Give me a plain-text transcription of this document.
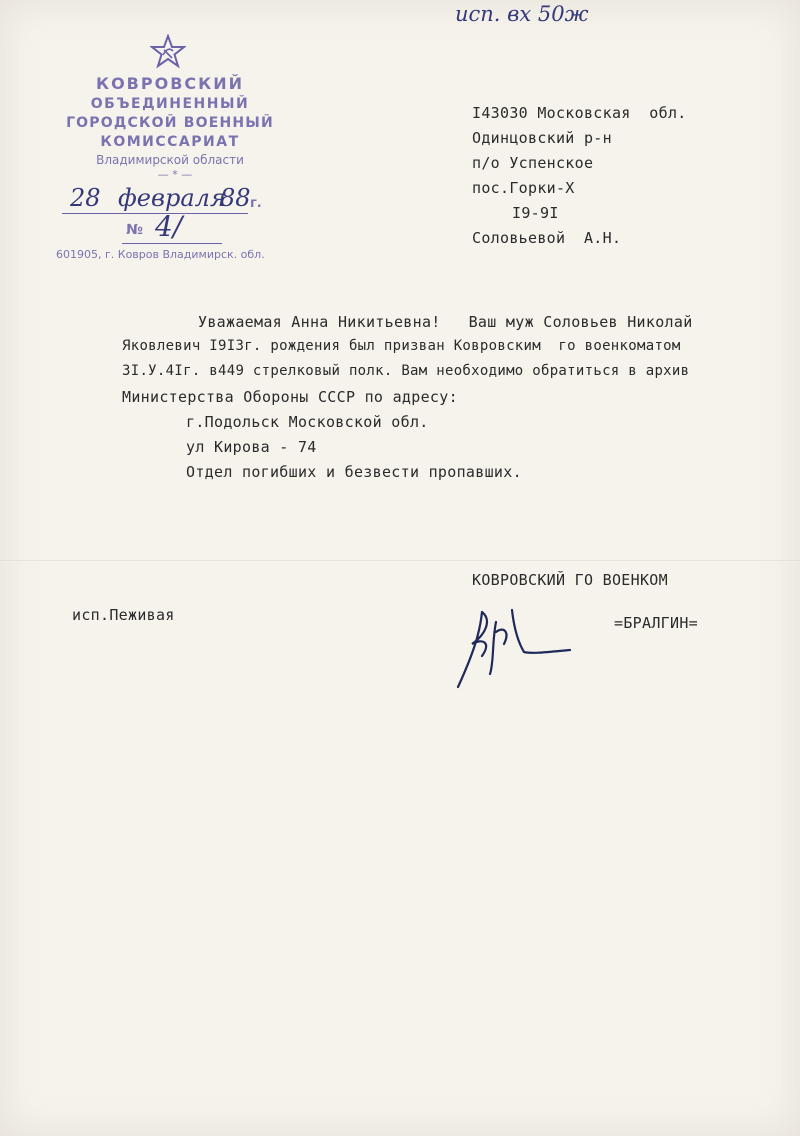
исп. вх 50ж
КОВРОВСКИЙ
ОБЪЕДИНЕННЫЙ
ГОРОДСКОЙ ВОЕННЫЙ
КОМИССАРИАТ
Владимирской области
— * —
28 февраля
88 г.
№ 4/
601905, г. Ковров Владимирск. обл.
I43030 Московская  обл.
Одинцовский р-н
п/о Успенское
пос.Горки-Х
I9-9I
Соловьевой  А.Н.
Уважаемая Анна Никитьевна!   Ваш муж Соловьев Николай
Яковлевич I9I3г. рождения был призван Ковровским  го военкоматом
3I.У.4Iг. в449 стрелковый полк. Вам необходимо обратиться в архив
Министерства Обороны СССР по адресу:
г.Подольск Московской обл.
ул Кирова - 74
Отдел погибших и безвести пропавших.
КОВРОВСКИЙ ГО ВОЕНКОМ
исп.Пеживая	=БРАЛГИН=
